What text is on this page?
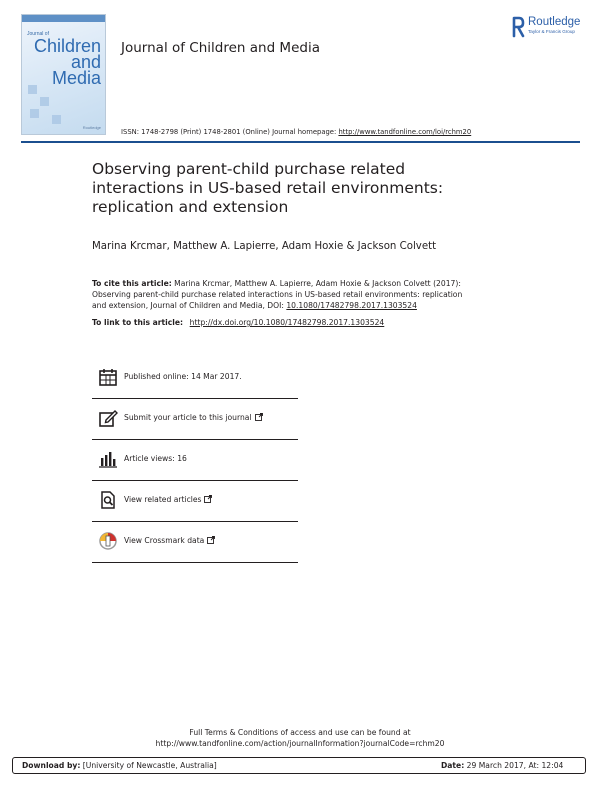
Journal of
Children
and
Media
Routledge
Journal of Children and Media
Routledge
Taylor & Francis Group
ISSN: 1748-2798 (Print) 1748-2801 (Online) Journal homepage: http://www.tandfonline.com/loi/rchm20
Observing parent-child purchase related
interactions in US-based retail environments:
replication and extension
Marina Krcmar, Matthew A. Lapierre, Adam Hoxie & Jackson Colvett
To cite this article: Marina Krcmar, Matthew A. Lapierre, Adam Hoxie & Jackson Colvett (2017):
Observing parent-child purchase related interactions in US-based retail environments: replication
and extension, Journal of Children and Media, DOI: 10.1080/17482798.2017.1303524
To link to this article: http://dx.doi.org/10.1080/17482798.2017.1303524
Published online: 14 Mar 2017.
Submit your article to this journal
Article views: 16
View related articles
View Crossmark data
Full Terms & Conditions of access and use can be found at
http://www.tandfonline.com/action/journalInformation?journalCode=rchm20
Download by: [University of Newcastle, Australia]	Date: 29 March 2017, At: 12:04
